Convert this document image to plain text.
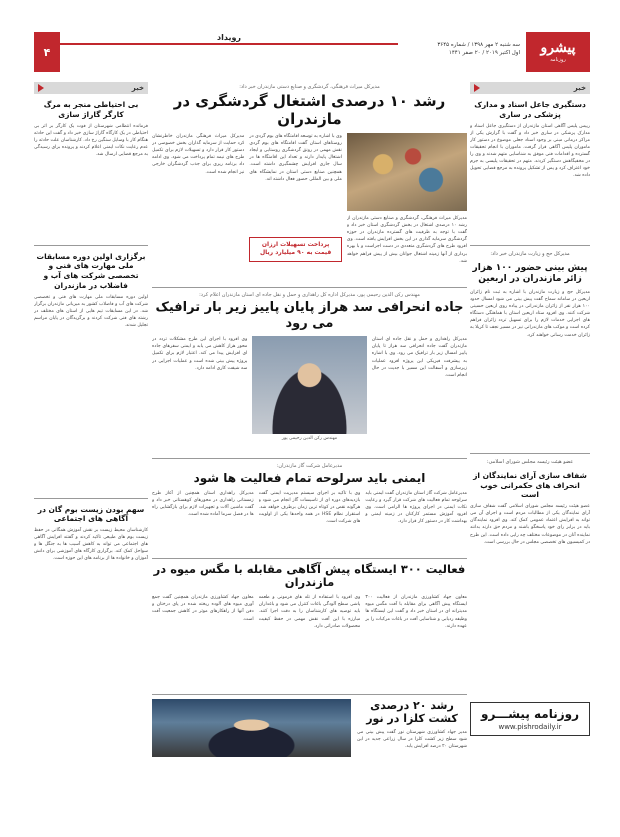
پیشرو
روزنامه
سه شنبه ۲ مهر ۱۳۹۸ / شماره ۳۶۴۵
اول اکتبر ۲۰۱۹ / ۲۰ صفر ۱۴۴۱
رویداد
۴
خبر
دستگیری جاعل اسناد و مدارک پزشکی در ساری

رییس پلیس آگاهی استان مازندران از دستگیری جاعل اسناد و مدارک پزشکی در ساری خبر داد و گفت با گزارش یکی از مراکز درمانی مبنی بر وجود اسناد جعلی موضوع در دستور کار ماموران پلیس آگاهی قرار گرفت. ماموران با انجام تحقیقات گسترده و اقدامات فنی موفق به شناسایی متهم شدند و وی را در مخفیگاهش دستگیر کردند. متهم در تحقیقات پلیسی به جرم خود اعتراف کرد و پس از تشکیل پرونده به مرجع قضایی تحویل داده شد.

مدیرکل حج و زیارت مازندران خبر داد:
پیش بینی حضور ۱۰۰ هزار زائر مازندران در اربعین

مدیرکل حج و زیارت مازندران با اشاره به ثبت نام زائران اربعین در سامانه سماح گفت پیش بینی می شود امسال حدود ۱۰۰ هزار نفر از زائران مازندرانی در پیاده روی اربعین حسینی شرکت کنند. وی افزود ستاد اربعین استان با هماهنگی دستگاه های اجرایی خدمات لازم را برای تسهیل تردد زائران فراهم کرده است و موکب های مازندرانی نیز در مسیر نجف تا کربلا به زائران خدمت رسانی خواهند کرد.

عضو هیئت رئیسه مجلس شورای اسلامی:
شفاف سازی آرای نمایندگان از انحراف های حکمرانی خوب است

عضو هیئت رئیسه مجلس شورای اسلامی گفت شفاف سازی آرای نمایندگان یکی از مطالبات مردم است و اجرای آن می تواند به افزایش اعتماد عمومی کمک کند. وی افزود نمایندگان باید در برابر رای خود پاسخگو باشند و مردم حق دارند بدانند نماینده آنان در موضوعات مختلف چه رایی داده است. این طرح در کمیسیون های تخصصی مجلس در حال بررسی است.

روزنامه پیشـــرو
www.pishrodaily.ir
مدیرکل میراث فرهنگی، گردشگری و صنایع دستی مازندران خبر داد:
رشد ۱۰ درصدی اشتغال گردشگری در مازندران

مدیرکل میراث فرهنگی، گردشگری و صنایع دستی مازندران از رشد ۱۰ درصدی اشتغال در بخش گردشگری استان خبر داد و گفت با توجه به ظرفیت های گسترده مازندران در حوزه گردشگری سرمایه گذاری در این بخش افزایش یافته است. وی افزود طرح های گردشگری متعددی در دست اجراست و با بهره برداری از آنها زمینه اشتغال جوانان بیش از پیش فراهم خواهد شد.

وی با اشاره به توسعه اقامتگاه های بوم گردی در روستاهای استان گفت اقامتگاه های بوم گردی نقش مهمی در رونق گردشگری روستایی و ایجاد اشتغال پایدار دارند و تعداد این اقامتگاه ها در سال جاری افزایش چشمگیری داشته است. همچنین صنایع دستی استان در نمایشگاه های ملی و بین المللی حضور فعال داشته اند.

پرداخت تسهیلات ارزان قیمت به ۹۰ میلیارد ریال

مدیرکل میراث فرهنگی مازندران خاطرنشان کرد حمایت از سرمایه گذاران بخش خصوصی در دستور کار قرار دارد و تسهیلات لازم برای تکمیل طرح های نیمه تمام پرداخت می شود. وی ادامه داد برنامه ریزی برای جذب گردشگران خارجی نیز انجام شده است.

مهندس رکن الدین رحیمی پور، مدیرکل اداره کل راهداری و حمل و نقل جاده ای استان مازندران اعلام کرد:
جاده انحرافی سد هراز پایان پاییز زیر بار ترافیک می رود

مدیرکل راهداری و حمل و نقل جاده ای استان مازندران گفت جاده انحرافی سد هراز تا پایان پاییز امسال زیر بار ترافیک می رود. وی با اشاره به پیشرفت فیزیکی این پروژه افزود عملیات زیرسازی و آسفالت این مسیر با جدیت در حال انجام است.

مهندس رکن الدین رحیمی پور

وی افزود با اجرای این طرح مشکلات تردد در محور هراز کاهش می یابد و ایمنی سفرهای جاده ای افزایش پیدا می کند. اعتبار لازم برای تکمیل پروژه پیش بینی شده است و عملیات اجرایی در سه شیفت کاری ادامه دارد.

مدیرعامل شرکت گاز مازندران:
ایمنی باید سرلوحه تمام فعالیت ها شود

مدیرعامل شرکت گاز استان مازندران گفت ایمنی باید سرلوحه تمام فعالیت های شرکت قرار گیرد و رعایت نکات ایمنی در اجرای پروژه ها الزامی است. وی افزود آموزش مستمر کارکنان در زمینه ایمنی و بهداشت کار در دستور کار قرار دارد.

وی با تاکید بر اجرای سیستم مدیریت ایمنی گفت بازدیدهای دوره ای از تاسیسات گاز انجام می شود و هرگونه نقص در کوتاه ترین زمان برطرف خواهد شد. استقرار نظام HSE در همه واحدها یکی از اولویت های شرکت است.

مدیرکل راهداری استان همچنین از آغاز طرح زمستانی راهداری در محورهای کوهستانی خبر داد و گفت ماشین آلات و تجهیزات لازم برای بازگشایی راه ها در فصل سرما آماده شده است.

فعالیت ۳۰۰ ایستگاه پیش آگاهی مقابله با مگس میوه در مازندران

معاون جهاد کشاورزی مازندران از فعالیت ۳۰۰ ایستگاه پیش آگاهی برای مقابله با آفت مگس میوه مدیترانه ای در استان خبر داد و گفت این ایستگاه ها وظیفه ردیابی و شناسایی آفت در باغات مرکبات را بر عهده دارند.

وی افزود با استفاده از تله های فرمونی و طعمه پاشی سطح آلودگی باغات کنترل می شود و باغداران باید توصیه های کارشناسان را به دقت اجرا کنند. مبارزه با این آفت نقش مهمی در حفظ کیفیت محصولات صادراتی دارد.

معاون جهاد کشاورزی مازندران همچنین گفت جمع آوری میوه های آلوده ریخته شده در پای درختان و دفن آنها از راهکارهای موثر در کاهش جمعیت آفت است.

رشد ۲۰ درصدی کشت کلزا در نور

مدیر جهاد کشاورزی شهرستان نور گفت پیش بینی می شود سطح زیر کشت کلزا در سال زراعی جدید در این شهرستان ۲۰ درصد افزایش یابد.

خبر
بی احتیاطی منجر به مرگ کارگر گاراژ سازی

فرمانده انتظامی شهرستان از فوت یک کارگر بر اثر بی احتیاطی در یک کارگاه گاراژ سازی خبر داد و گفت این حادثه هنگام کار با وسایل سنگین رخ داد. کارشناسان علت حادثه را عدم رعایت نکات ایمنی اعلام کردند و پرونده برای رسیدگی به مرجع قضایی ارسال شد.

برگزاری اولین دوره مسابقات ملی مهارت های فنی و تخصصی شرکت های آب و فاضلاب در مازندران

اولین دوره مسابقات ملی مهارت های فنی و تخصصی شرکت های آب و فاضلاب کشور به میزبانی مازندران برگزار شد. در این مسابقات تیم هایی از استان های مختلف در رشته های فنی شرکت کردند و برگزیدگان در پایان مراسم تجلیل شدند.

سهم بودن زیست بوم گان در آگاهی های اجتماعی

کارشناسان محیط زیست بر نقش آموزش همگانی در حفظ زیست بوم های طبیعی تاکید کردند و گفتند افزایش آگاهی های اجتماعی می تواند به کاهش آسیب ها به جنگل ها و سواحل کمک کند. برگزاری کارگاه های آموزشی برای دانش آموزان و خانواده ها از برنامه های این حوزه است.
